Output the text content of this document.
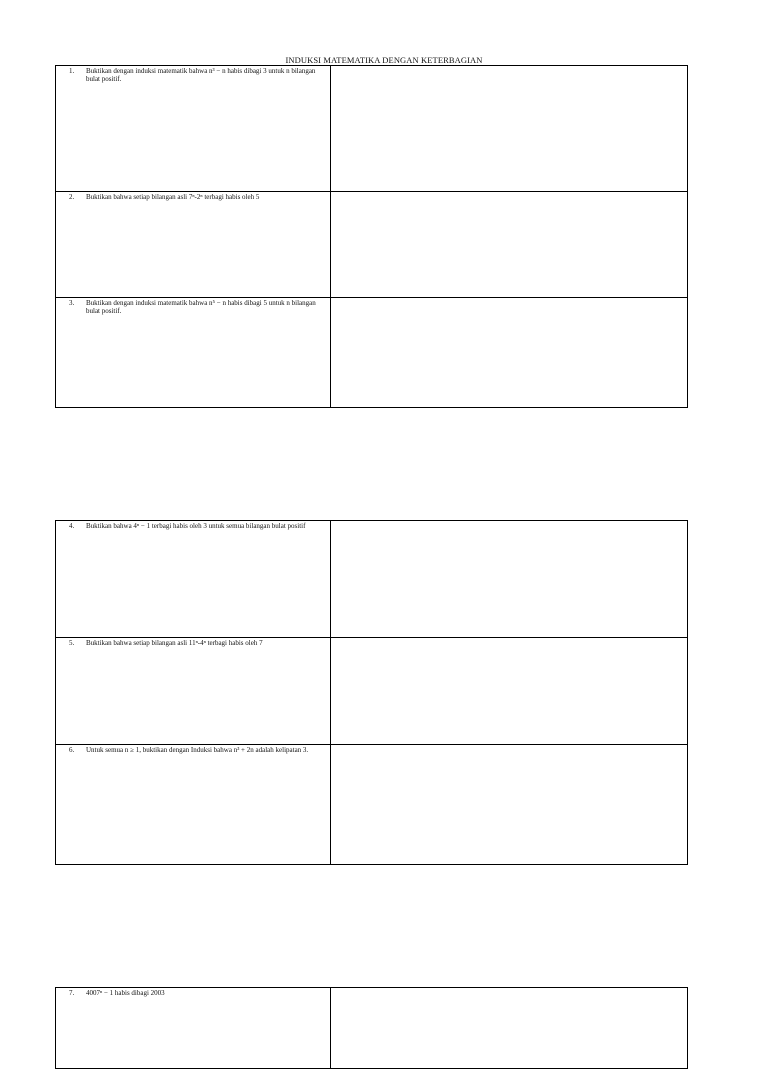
INDUKSI MATEMATIKA DENGAN KETERBAGIAN
1.	Buktikan dengan induksi matematik bahwa n³ − n habis dibagi 3 untuk n bilangan bulat positif.
2.	Buktikan bahwa setiap bilangan asli 7ⁿ-2ⁿ terbagi habis oleh 5
3.	Buktikan dengan induksi matematik bahwa n⁵ − n habis dibagi 5 untuk n bilangan bulat positif.
4.	Buktikan bahwa 4ⁿ − 1 terbagi habis oleh 3 untuk semua bilangan bulat positif
5.	Buktikan bahwa setiap bilangan asli 11ⁿ-4ⁿ terbagi habis oleh 7
6.	Untuk semua n ≥ 1, buktikan dengan Induksi bahwa n³ + 2n adalah kelipatan 3.
7.	4007ⁿ − 1 habis dibagi 2003
